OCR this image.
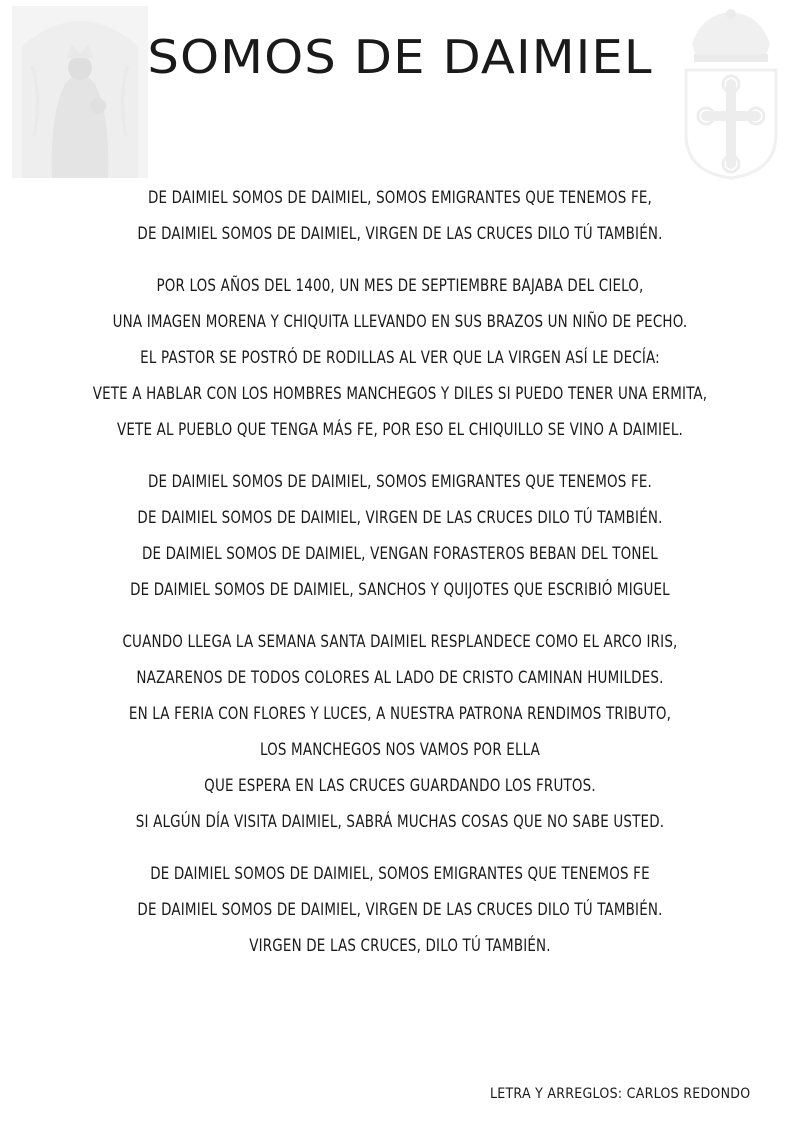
SOMOS DE DAIMIEL
DE DAIMIEL SOMOS DE DAIMIEL, SOMOS EMIGRANTES QUE TENEMOS FE,
DE DAIMIEL SOMOS DE DAIMIEL, VIRGEN DE LAS CRUCES DILO TÚ TAMBIÉN.
POR LOS AÑOS DEL 1400, UN MES DE SEPTIEMBRE BAJABA DEL CIELO,
UNA IMAGEN MORENA Y CHIQUITA LLEVANDO EN SUS BRAZOS UN NIÑO DE PECHO.
EL PASTOR SE POSTRÓ DE RODILLAS AL VER QUE LA VIRGEN ASÍ LE DECÍA:
VETE A HABLAR CON LOS HOMBRES MANCHEGOS Y DILES SI PUEDO TENER UNA ERMITA,
VETE AL PUEBLO QUE TENGA MÁS FE, POR ESO EL CHIQUILLO SE VINO A DAIMIEL.
DE DAIMIEL SOMOS DE DAIMIEL, SOMOS EMIGRANTES QUE TENEMOS FE.
DE DAIMIEL SOMOS DE DAIMIEL, VIRGEN DE LAS CRUCES DILO TÚ TAMBIÉN.
DE DAIMIEL SOMOS DE DAIMIEL, VENGAN FORASTEROS BEBAN DEL TONEL
DE DAIMIEL SOMOS DE DAIMIEL, SANCHOS Y QUIJOTES QUE ESCRIBIÓ MIGUEL
CUANDO LLEGA LA SEMANA SANTA DAIMIEL RESPLANDECE COMO EL ARCO IRIS,
NAZARENOS DE TODOS COLORES AL LADO DE CRISTO CAMINAN HUMILDES.
EN LA FERIA CON FLORES Y LUCES, A NUESTRA PATRONA RENDIMOS TRIBUTO,
LOS MANCHEGOS NOS VAMOS POR ELLA
QUE ESPERA EN LAS CRUCES GUARDANDO LOS FRUTOS.
SI ALGÚN DÍA VISITA DAIMIEL, SABRÁ MUCHAS COSAS QUE NO SABE USTED.
DE DAIMIEL SOMOS DE DAIMIEL, SOMOS EMIGRANTES QUE TENEMOS FE
DE DAIMIEL SOMOS DE DAIMIEL, VIRGEN DE LAS CRUCES DILO TÚ TAMBIÉN.
VIRGEN DE LAS CRUCES, DILO TÚ TAMBIÉN.
LETRA Y ARREGLOS: CARLOS REDONDO
